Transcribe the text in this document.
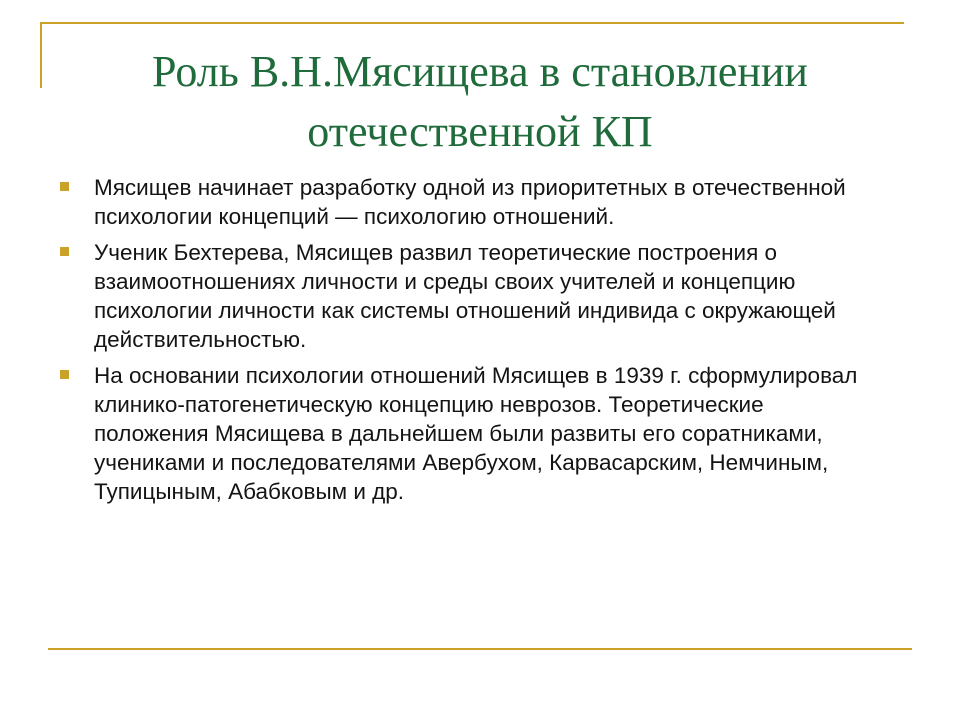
Роль В.Н.Мясищева в становлении
отечественной КП
Мясищев начинает разработку одной из приоритетных в отечественной психологии концепций — психологию отношений.
Ученик Бехтерева, Мясищев развил теоретические построения о взаимоотношениях личности и среды своих учителей и концепцию психологии личности как системы отношений индивида с окружающей действительностью.
На основании психологии отношений Мясищев в 1939 г. сформулировал клинико-патогенетическую концепцию неврозов. Теоретические положения Мясищева в дальнейшем были развиты его соратниками, учениками и последователями Авербухом, Карвасарским, Немчиным, Тупицыным, Абабковым и др.
